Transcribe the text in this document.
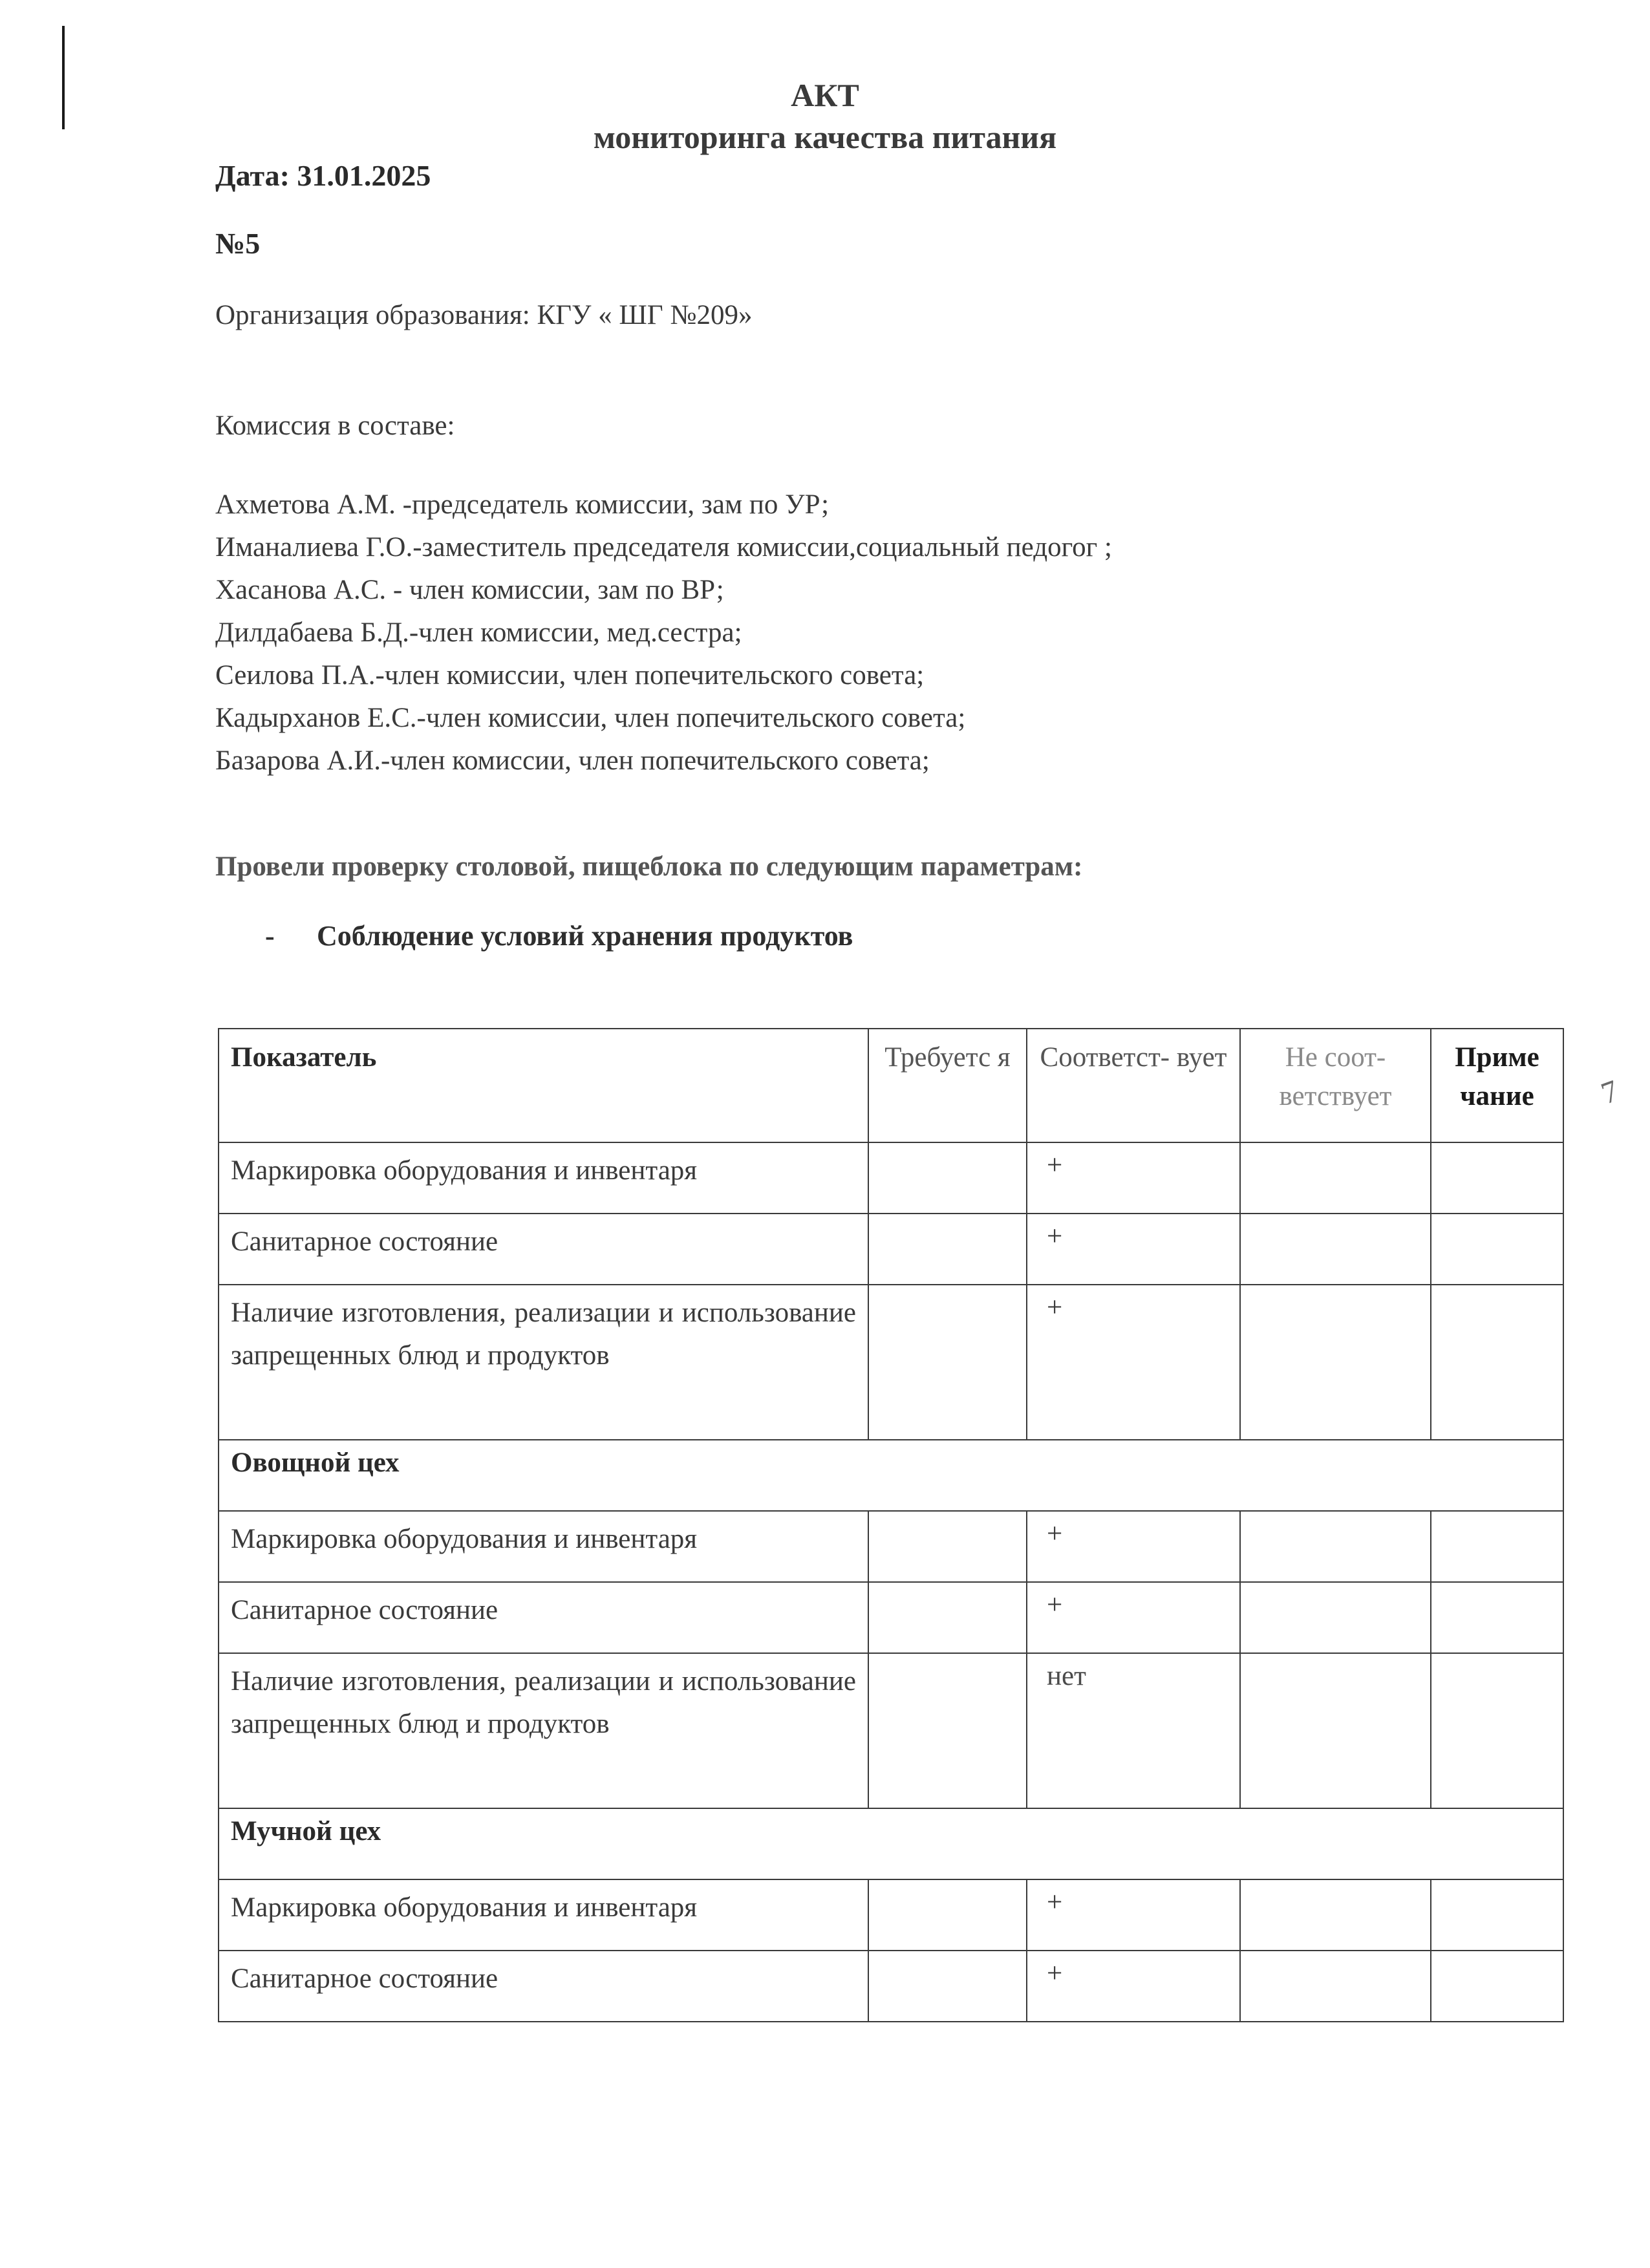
АКТ
мониторинга качества питания
Дата: 31.01.2025
№5
Организация образования: КГУ « ШГ №209»
Комиссия в составе:
Ахметова А.М. -председатель комиссии, зам по УР;
Иманалиева Г.О.-заместитель председателя комиссии,социальный педогог ;
Хасанова А.С. - член комиссии, зам по ВР;
Дилдабаева Б.Д.-член комиссии, мед.сестра;
Сеилова П.А.-член комиссии, член попечительского совета;
Кадырханов Е.С.-член комиссии, член попечительского совета;
Базарова А.И.-член комиссии, член попечительского совета;
Провели проверку столовой, пищеблока по следующим параметрам:
- Соблюдение условий хранения продуктов
7
Показатель	Требуетс я	Соответст- вует	Не соот- ветствует	Приме чание
Маркировка оборудования и инвентаря		+		
Санитарное состояние		+		
Наличие изготовления, реализации и использование запрещенных блюд и продуктов		+		
Овощной цех				
Маркировка оборудования и инвентаря		+		
Санитарное состояние		+		
Наличие изготовления, реализации и использование запрещенных блюд и продуктов		нет		
Мучной цех				
Маркировка оборудования и инвентаря		+		
Санитарное состояние		+		
